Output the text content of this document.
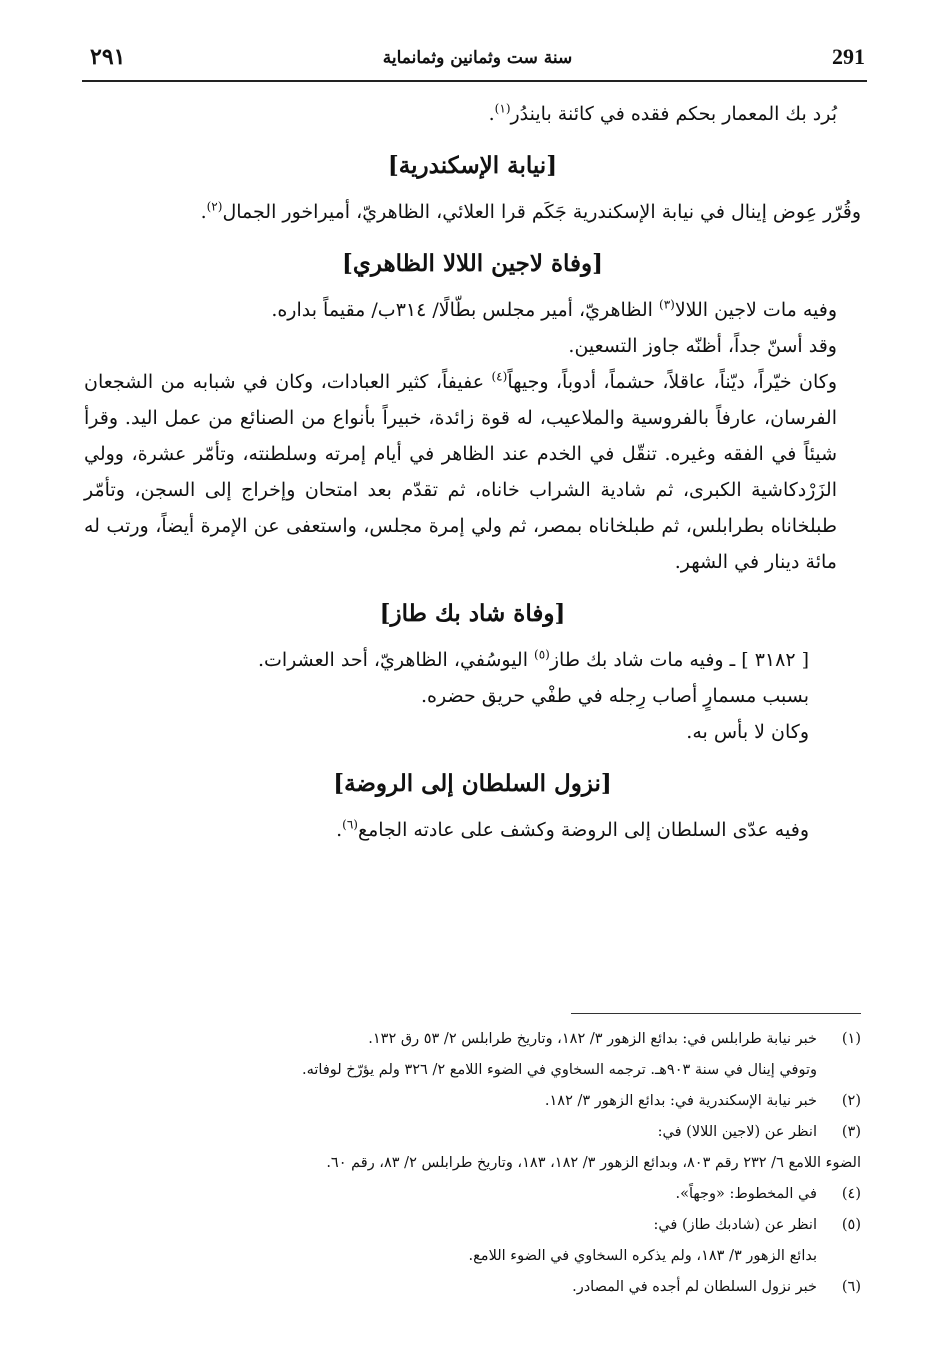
291
سنة ست وثمانين وثمانماية
٢٩١

بُرد بك المعمار بحكم فقده في كائنة بايندُر$^{(١)}$.

[نيابة الإسكندرية]

وقُرّر عِوض إينال في نيابة الإسكندرية جَكَم قرا العلائي، الظاهريّ، أميراخور الجمال$^{(٢)}$.

[وفاة لاجين اللالا الظاهري]

وفيه مات لاجين اللالا$^{(٣)}$ الظاهريّ، أمير مجلس بطّالًا/ ٣١٤ب/ مقيماً بداره.

وقد أسنّ جداً، أظنّه جاوز التسعين.

وكان خيّراً، ديّناً، عاقلاً، حشماً، أدوباً، وجيهاً$^{(٤)}$ عفيفاً، كثير العبادات، وكان في شبابه من الشجعان الفرسان، عارفاً بالفروسية والملاعيب، له قوة زائدة، خبيراً بأنواع من الصنائع من عمل اليد. وقرأ شيئاً في الفقه وغيره. تنقّل في الخدم عند الظاهر في أيام إمرته وسلطنته، وتأمّر عشرة، وولي الزَرْدكاشية الكبرى، ثم شادية الشراب خاناه، ثم تقدّم بعد امتحان وإخراج إلى السجن، وتأمّر طبلخاناه بطرابلس، ثم طبلخاناه بمصر، ثم ولي إمرة مجلس، واستعفى عن الإمرة أيضاً، ورتب له مائة دينار في الشهر.

[وفاة شاد بك طاز]

[ ٣١٨٢ ] ـ وفيه مات شاد بك طاز$^{(٥)}$ اليوسُفي، الظاهريّ، أحد العشرات.

بسبب مسمارٍ أصاب رِجله في طفْي حريق حضره.

وكان لا بأس به.

[نزول السلطان إلى الروضة]

وفيه عدّى السلطان إلى الروضة وكشف على عادته الجامع$^{(٦)}$.

(١)
خبر نيابة طرابلس في: بدائع الزهور ٣/ ١٨٢، وتاريخ طرابلس ٢/ ٥٣ رق ١٣٢.
وتوفي إينال في سنة ٩٠٣هـ. ترجمه السخاوي في الضوء اللامع ٢/ ٣٢٦ ولم يؤرّخ لوفاته.
(٢)
خبر نيابة الإسكندرية في: بدائع الزهور ٣/ ١٨٢.
(٣)
انظر عن (لاجين اللالا) في:
الضوء اللامع ٦/ ٢٣٢ رقم ٨٠٣، وبدائع الزهور ٣/ ١٨٢، ١٨٣، وتاريخ طرابلس ٢/ ٨٣، رقم ٦٠.
(٤)
في المخطوط: «وجهاً».
(٥)
انظر عن (شادبك طاز) في:
بدائع الزهور ٣/ ١٨٣، ولم يذكره السخاوي في الضوء اللامع.
(٦)
خبر نزول السلطان لم أجده في المصادر.
